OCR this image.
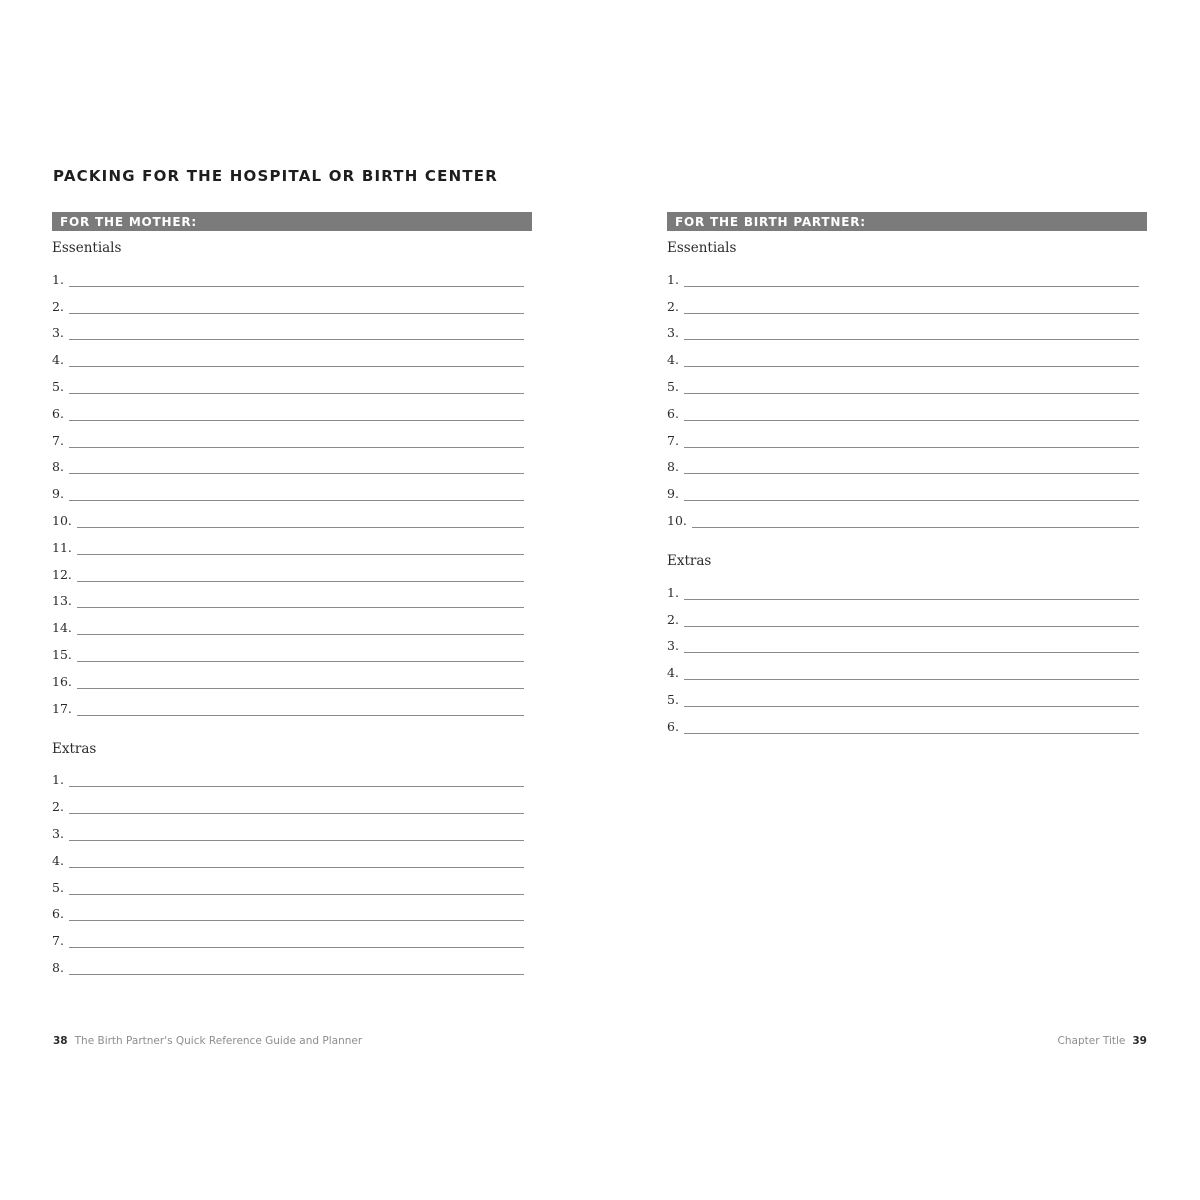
PACKING FOR THE HOSPITAL OR BIRTH CENTER
FOR THE MOTHER:
Essentials
1.
2.
3.
4.
5.
6.
7.
8.
9.
10.
11.
12.
13.
14.
15.
16.
17.
Extras
1.
2.
3.
4.
5.
6.
7.
8.
FOR THE BIRTH PARTNER:
Essentials
1.
2.
3.
4.
5.
6.
7.
8.
9.
10.
Extras
1.
2.
3.
4.
5.
6.
38 The Birth Partner's Quick Reference Guide and Planner	Chapter Title 39
